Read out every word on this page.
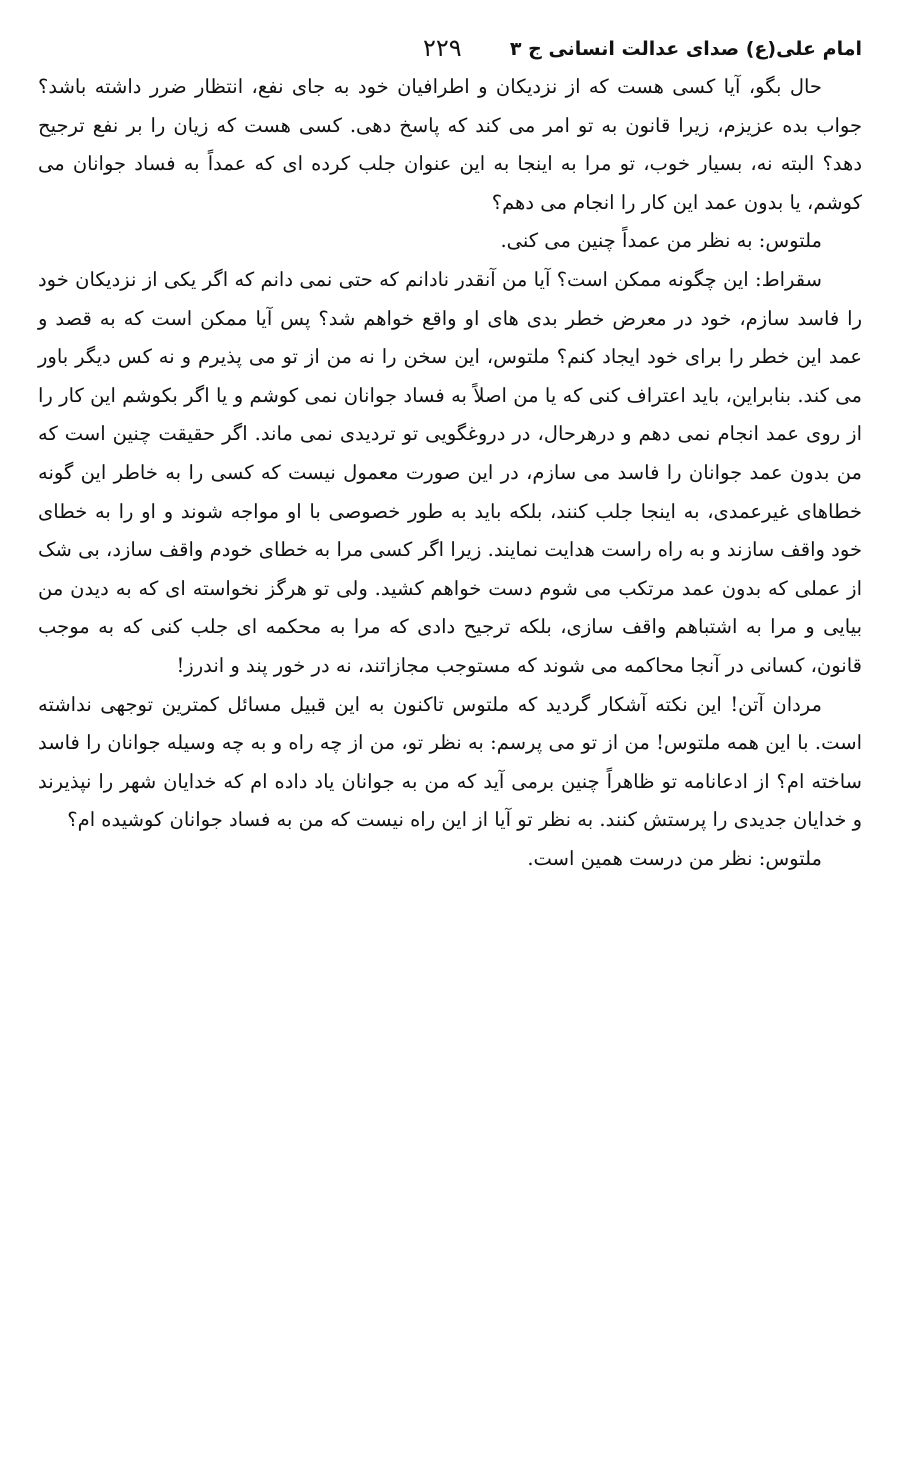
امام علی(ع) صدای عدالت انسانی ج ۳
۲۲۹

حال بگو، آیا کسی هست که از نزدیکان و اطرافیان خود به جای نفع، انتظار ضرر داشته باشد؟ جواب بده عزیزم، زیرا قانون به تو امر می کند که پاسخ دهی. کسی هست که زیان را بر نفع ترجیح دهد؟ البته نه، بسیار خوب، تو مرا به اینجا به این عنوان جلب کرده ای که عمداً به فساد جوانان می کوشم، یا بدون عمد این کار را انجام می دهم؟

ملتوس: به نظر من عمداً چنین می کنی.

سقراط: این چگونه ممکن است؟ آیا من آنقدر نادانم که حتی نمی دانم که اگر یکی از نزدیکان خود را فاسد سازم، خود در معرض خطر بدی های او واقع خواهم شد؟ پس آیا ممکن است که به قصد و عمد این خطر را برای خود ایجاد کنم؟ ملتوس، این سخن را نه من از تو می پذیرم و نه کس دیگر باور می کند. بنابراین، باید اعتراف کنی که یا من اصلاً به فساد جوانان نمی کوشم و یا اگر بکوشم این کار را از روی عمد انجام نمی دهم و درهرحال، در دروغگویی تو تردیدی نمی ماند. اگر حقیقت چنین است که من بدون عمد جوانان را فاسد می سازم، در این صورت معمول نیست که کسی را به خاطر این گونه خطاهای غیرعمدی، به اینجا جلب کنند، بلکه باید به طور خصوصی با او مواجه شوند و او را به خطای خود واقف سازند و به راه راست هدایت نمایند. زیرا اگر کسی مرا به خطای خودم واقف سازد، بی شک از عملی که بدون عمد مرتکب می شوم دست خواهم کشید. ولی تو هرگز نخواسته ای که به دیدن من بیایی و مرا به اشتباهم واقف سازی، بلکه ترجیح دادی که مرا به محکمه ای جلب کنی که به موجب قانون، کسانی در آنجا محاکمه می شوند که مستوجب مجازاتند، نه در خور پند و اندرز!

مردان آتن! این نکته آشکار گردید که ملتوس تاکنون به این قبیل مسائل کمترین توجهی نداشته است. با این همه ملتوس! من از تو می پرسم: به نظر تو، من از چه راه و به چه وسیله جوانان را فاسد ساخته ام؟ از ادعانامه تو ظاهراً چنین برمی آید که من به جوانان یاد داده ام که خدایان شهر را نپذیرند و خدایان جدیدی را پرستش کنند. به نظر تو آیا از این راه نیست که من به فساد جوانان کوشیده ام؟

ملتوس: نظر من درست همین است.
